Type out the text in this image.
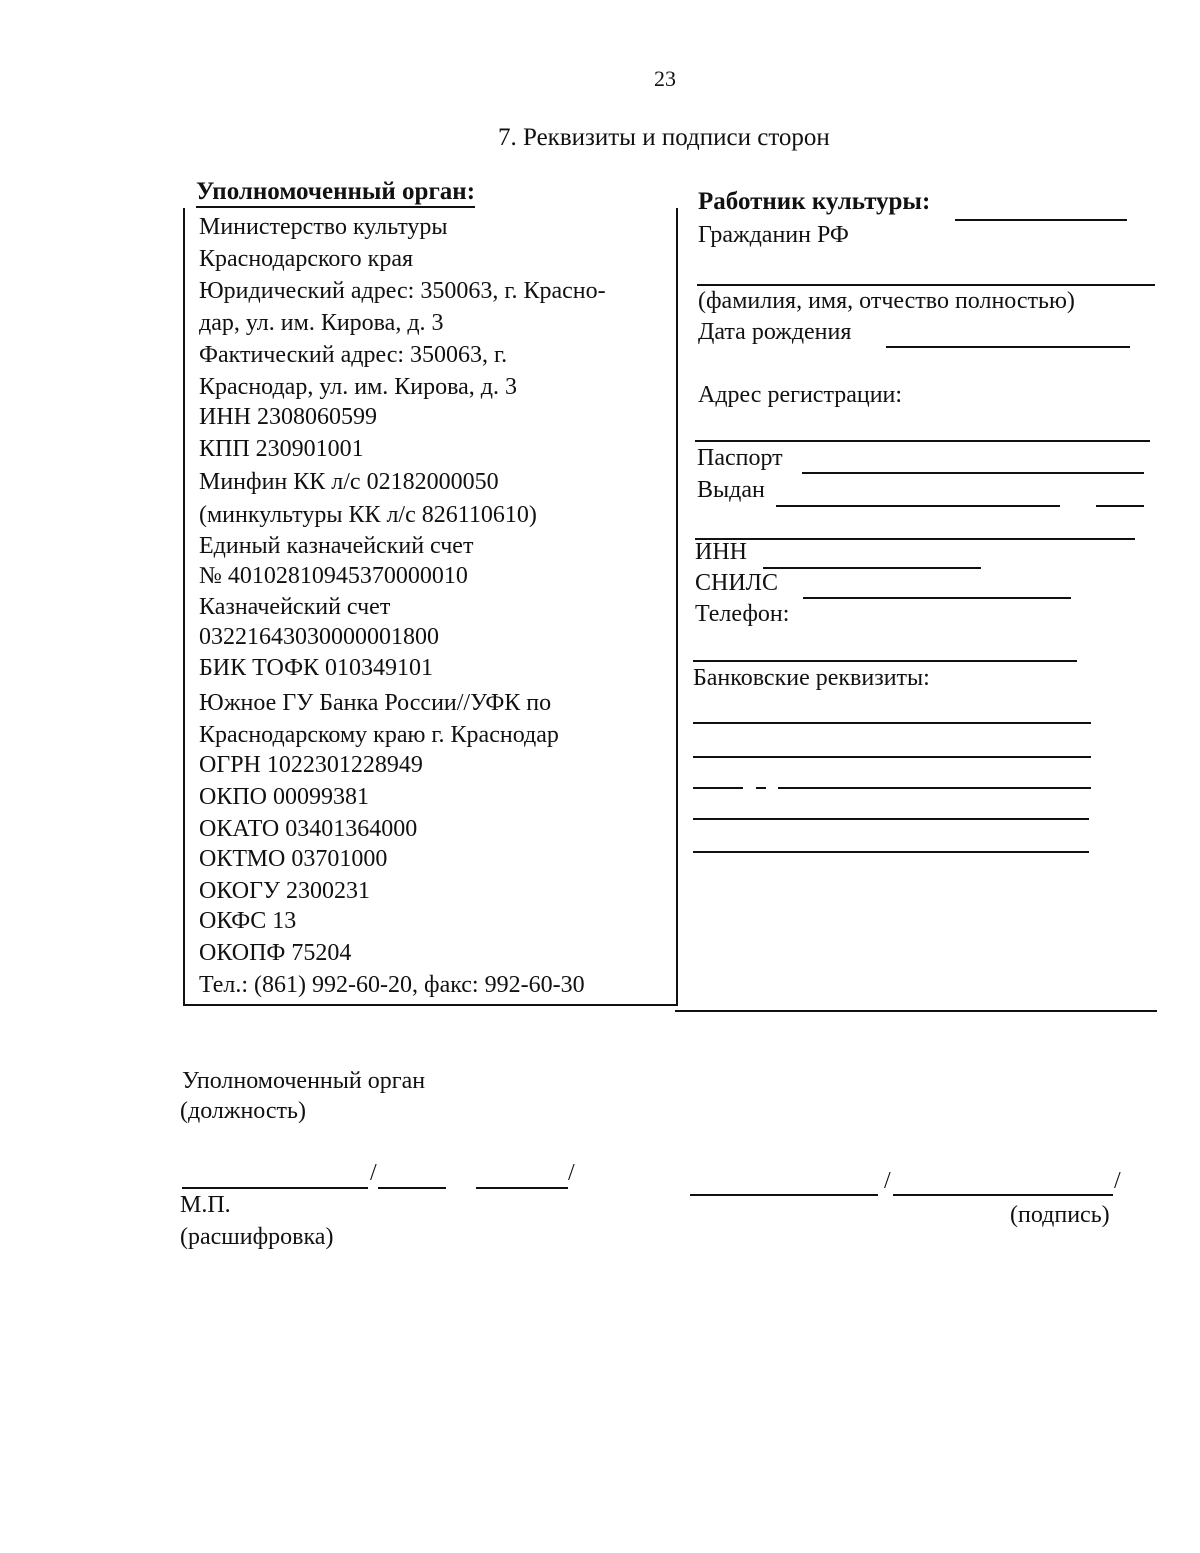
23
7. Реквизиты и подписи сторон
Уполномоченный орган:	Работник культуры:
Министерство культуры
Краснодарского края
Юридический адрес: 350063, г. Красно-
дар, ул. им. Кирова, д. 3
Фактический адрес: 350063, г.
Краснодар, ул. им. Кирова, д. 3
ИНН 2308060599
КПП 230901001
Минфин КК л/с 02182000050
(минкультуры КК л/с 826110610)
Единый казначейский счет
№ 40102810945370000010
Казначейский счет
03221643030000001800
БИК ТОФК 010349101
Южное ГУ Банка России//УФК по
Краснодарскому краю г. Краснодар
ОГРН 1022301228949
ОКПО 00099381
ОКАТО 03401364000
ОКТМО 03701000
ОКОГУ 2300231
ОКФС 13
ОКОПФ 75204
Тел.: (861) 992-60-20, факс: 992-60-30
Гражданин РФ
(фамилия, имя, отчество полностью)
Дата рождения
Адрес регистрации:
Паспорт
Выдан
ИНН
СНИЛС
Телефон:
Банковские реквизиты:
Уполномоченный орган
(должность)
/	/	/	/
М.П.
(расшифровка)
(подпись)
